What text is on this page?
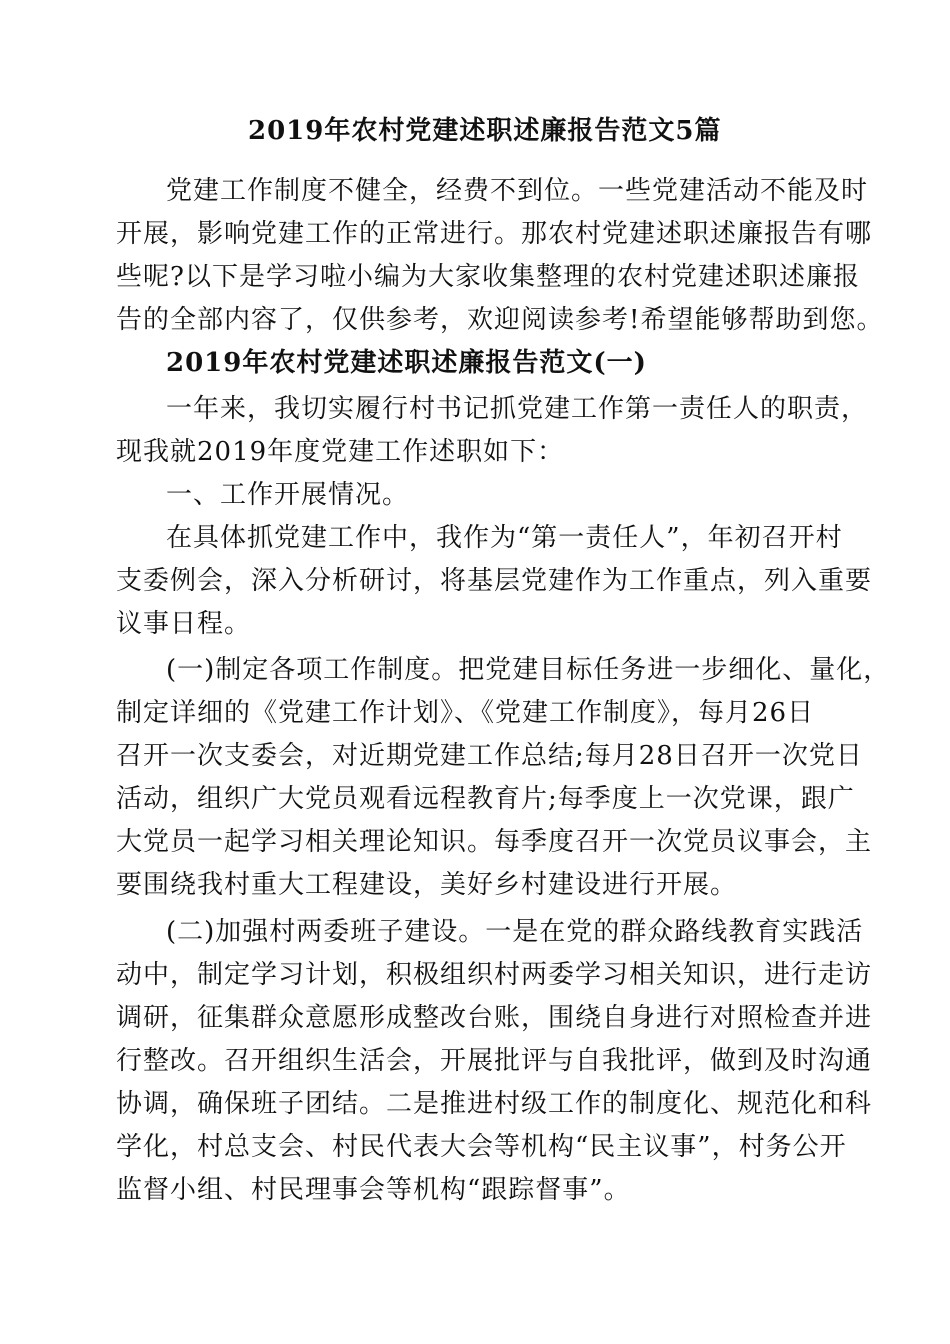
2019年农村党建述职述廉报告范文5篇
党建工作制度不健全，经费不到位。一些党建活动不能及时
开展，影响党建工作的正常进行。那农村党建述职述廉报告有哪
些呢?以下是学习啦小编为大家收集整理的农村党建述职述廉报
告的全部内容了，仅供参考，欢迎阅读参考!希望能够帮助到您。
2019年农村党建述职述廉报告范文(一)
一年来，我切实履行村书记抓党建工作第一责任人的职责，
现我就2019年度党建工作述职如下：
一、工作开展情况。
在具体抓党建工作中，我作为“第一责任人”，年初召开村
支委例会，深入分析研讨，将基层党建作为工作重点，列入重要
议事日程。
(一)制定各项工作制度。把党建目标任务进一步细化、量化，
制定详细的《党建工作计划》、《党建工作制度》，每月26日
召开一次支委会，对近期党建工作总结;每月28日召开一次党日
活动，组织广大党员观看远程教育片;每季度上一次党课，跟广
大党员一起学习相关理论知识。每季度召开一次党员议事会，主
要围绕我村重大工程建设，美好乡村建设进行开展。
(二)加强村两委班子建设。一是在党的群众路线教育实践活
动中，制定学习计划，积极组织村两委学习相关知识，进行走访
调研，征集群众意愿形成整改台账，围绕自身进行对照检查并进
行整改。召开组织生活会，开展批评与自我批评，做到及时沟通
协调，确保班子团结。二是推进村级工作的制度化、规范化和科
学化，村总支会、村民代表大会等机构“民主议事”，村务公开
监督小组、村民理事会等机构“跟踪督事”。
